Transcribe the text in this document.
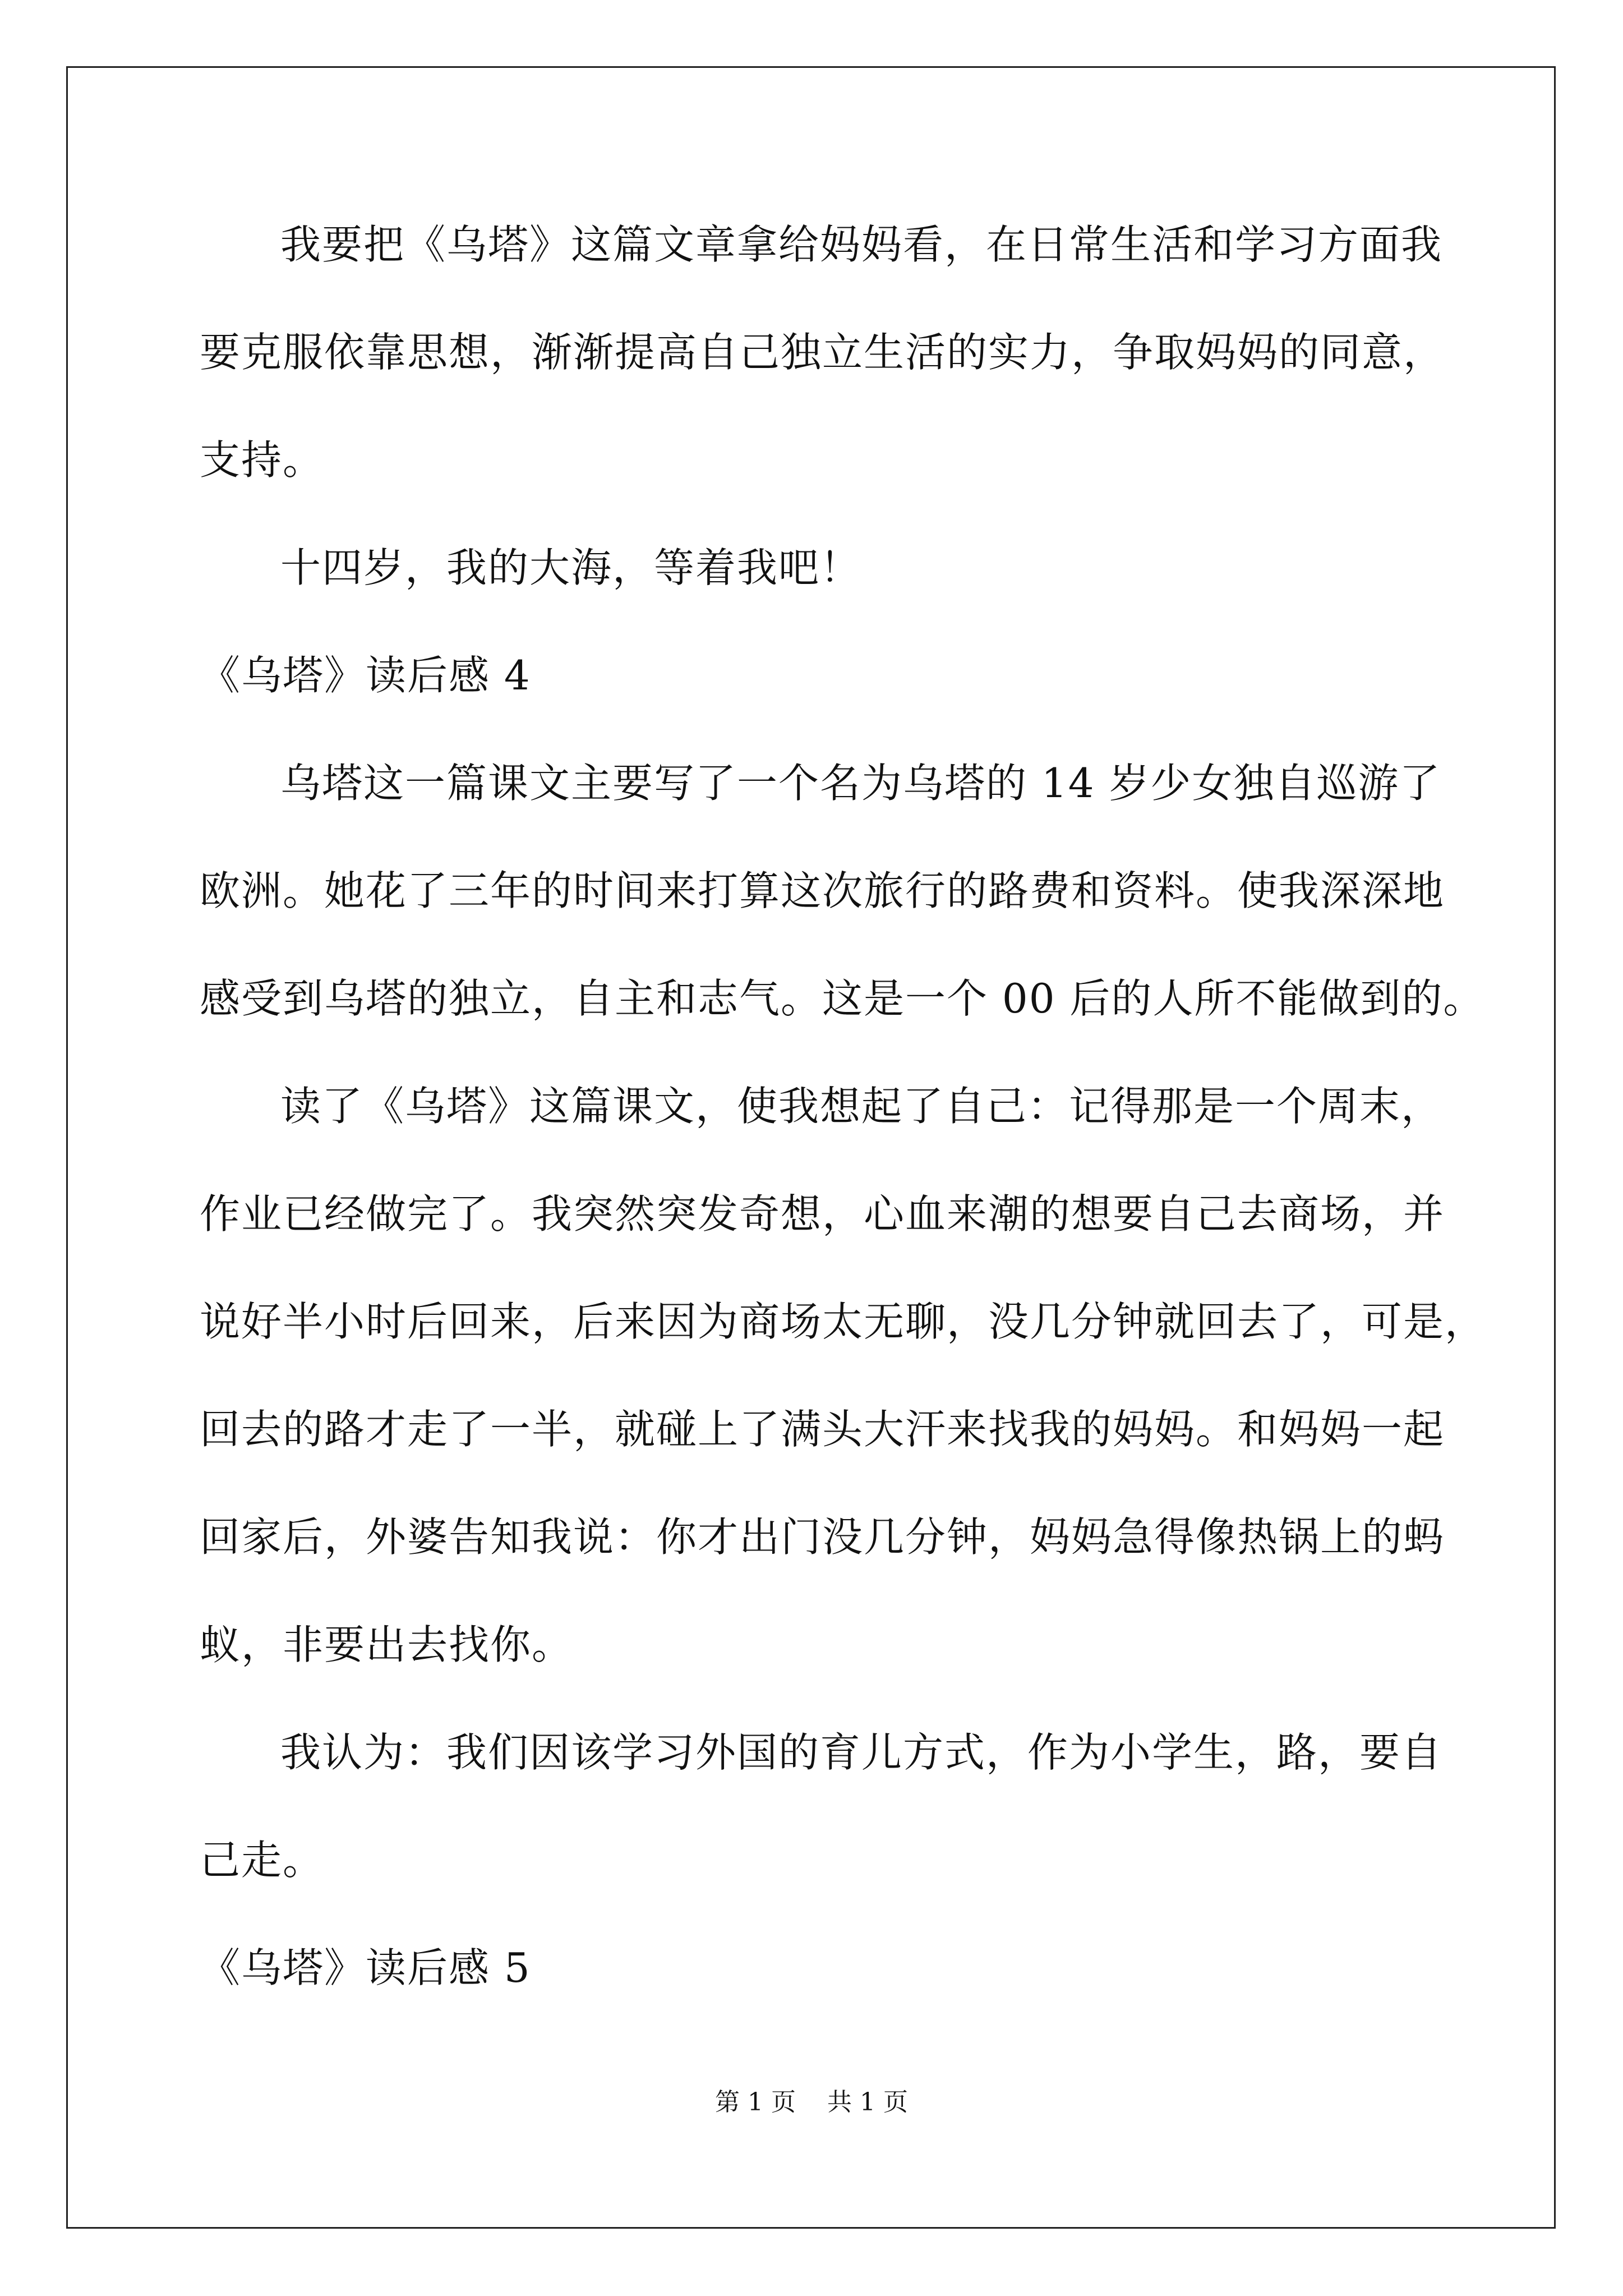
我要把《乌塔》这篇文章拿给妈妈看，在日常生活和学习方面我
要克服依靠思想，渐渐提高自己独立生活的实力，争取妈妈的同意，
支持。
十四岁，我的大海，等着我吧！
《乌塔》读后感 4
乌塔这一篇课文主要写了一个名为乌塔的 14 岁少女独自巡游了
欧洲。她花了三年的时间来打算这次旅行的路费和资料。使我深深地
感受到乌塔的独立，自主和志气。这是一个 00 后的人所不能做到的。
读了《乌塔》这篇课文，使我想起了自己：记得那是一个周末，
作业已经做完了。我突然突发奇想，心血来潮的想要自己去商场，并
说好半小时后回来，后来因为商场太无聊，没几分钟就回去了，可是，
回去的路才走了一半，就碰上了满头大汗来找我的妈妈。和妈妈一起
回家后，外婆告知我说：你才出门没几分钟，妈妈急得像热锅上的蚂
蚁，非要出去找你。
我认为：我们因该学习外国的育儿方式，作为小学生，路，要自
己走。
《乌塔》读后感 5
第 1 页 共 1 页
